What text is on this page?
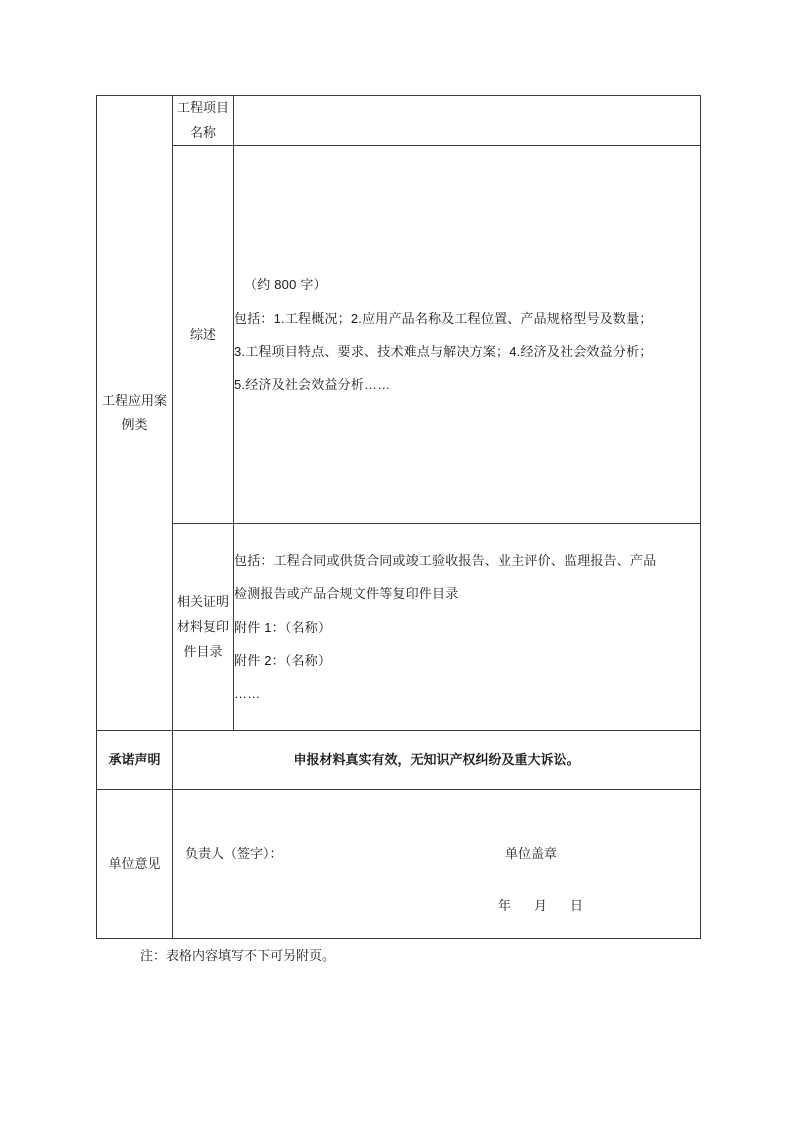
工程应用案例类	工程项目名称	
	综述	（约 800 字）

包括：1.工程概况；2.应用产品名称及工程位置、产品规格型号及数量；

3.工程项目特点、要求、技术难点与解决方案；4.经济及社会效益分析；

5.经济及社会效益分析……

	相关证明材料复印件目录	包括：工程合同或供货合同或竣工验收报告、业主评价、监理报告、产品

检测报告或产品合规文件等复印件目录

附件 1：（名称）

附件 2：（名称）

……

承诺声明	申报材料真实有效，无知识产权纠纷及重大诉讼。	
单位意见	负责人（签字）： 单位盖章
年 月 日	
注：表格内容填写不下可另附页。
